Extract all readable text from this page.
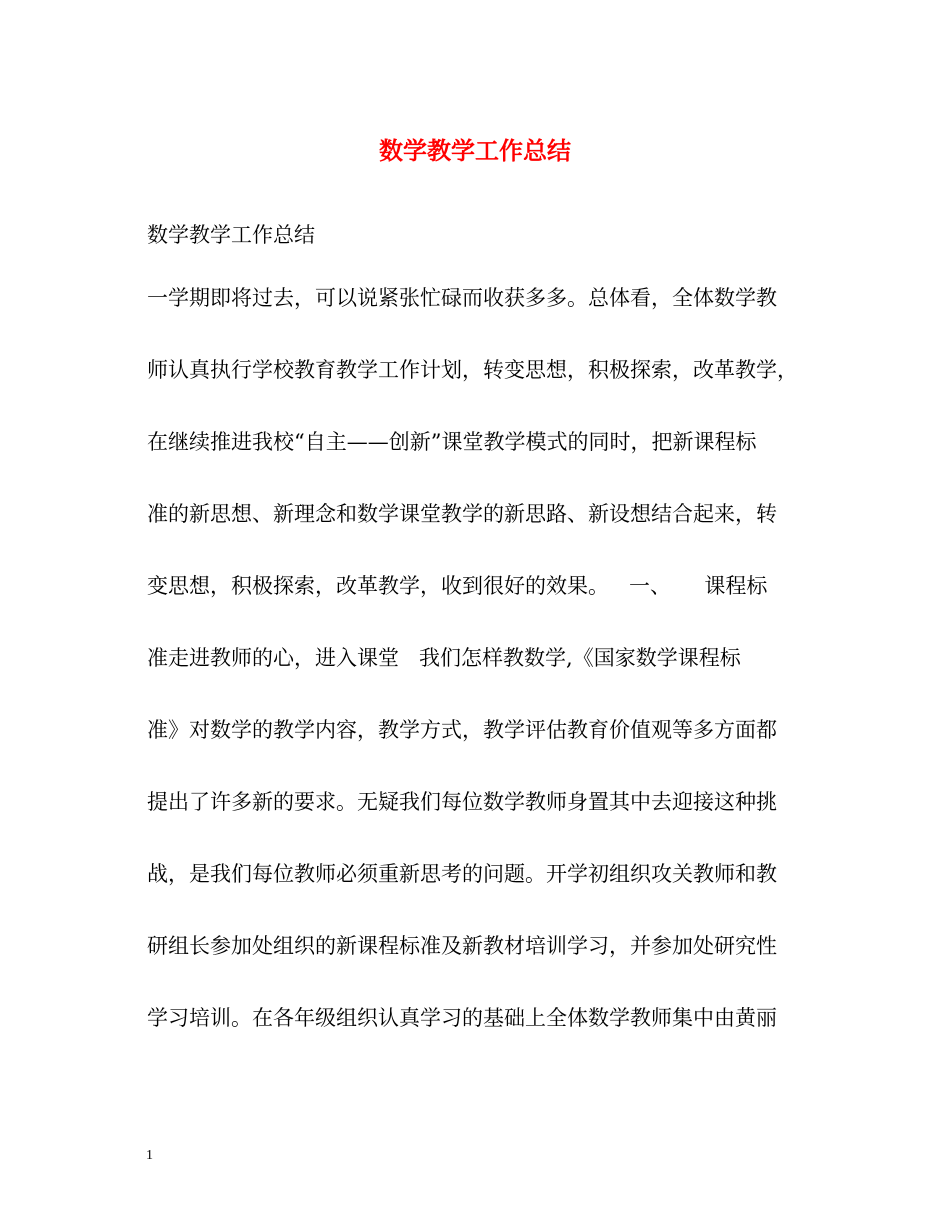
数学教学工作总结
数学教学工作总结
一学期即将过去，可以说紧张忙碌而收获多多。总体看，全体数学教
师认真执行学校教育教学工作计划，转变思想，积极探索，改革教学，
在继续推进我校“自主——创新”课堂教学模式的同时，把新课程标
准的新思想、新理念和数学课堂教学的新思路、新设想结合起来，转
变思想，积极探索，改革教学，收到很好的效果。   一、     课程标
准走进教师的心，进入课堂   我们怎样教数学,《国家数学课程标
准》对数学的教学内容，教学方式，教学评估教育价值观等多方面都
提出了许多新的要求。无疑我们每位数学教师身置其中去迎接这种挑
战，是我们每位教师必须重新思考的问题。开学初组织攻关教师和教
研组长参加处组织的新课程标准及新教材培训学习，并参加处研究性
学习培训。在各年级组织认真学习的基础上全体数学教师集中由黄丽
1
